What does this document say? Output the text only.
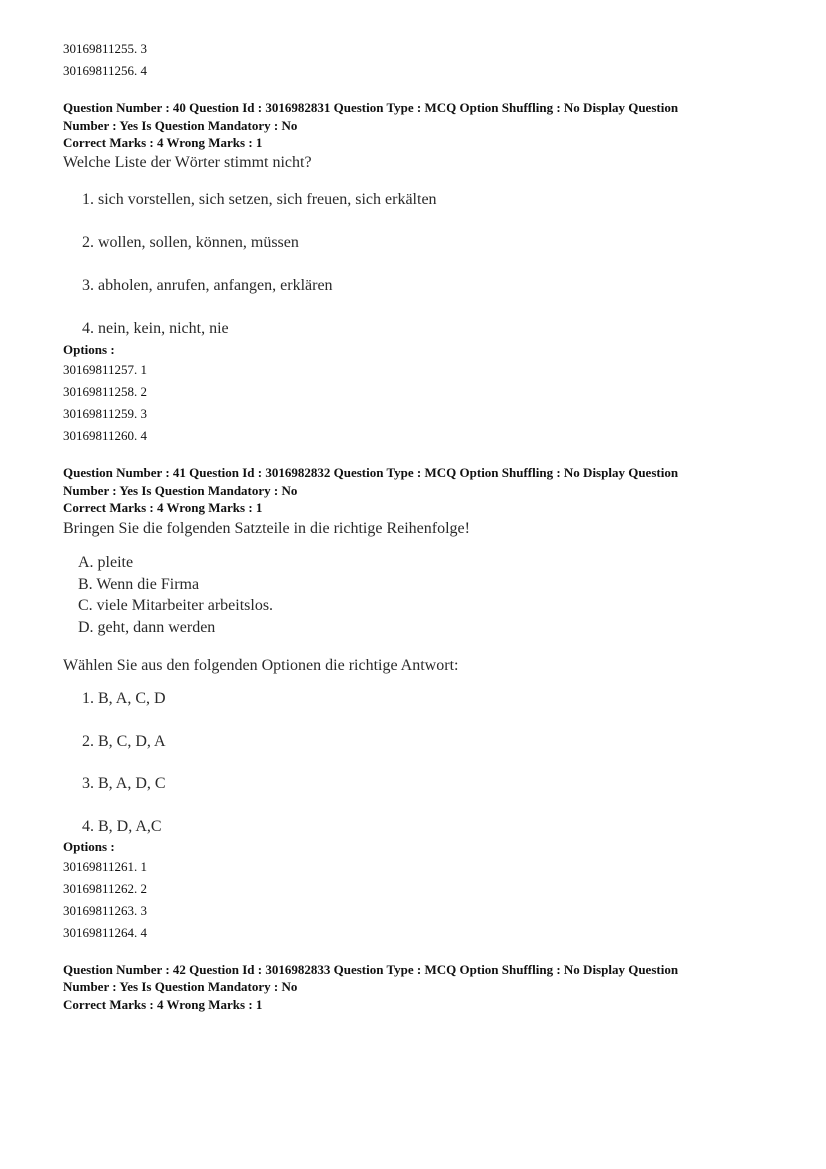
30169811255. 3
30169811256. 4
Question Number : 40 Question Id : 3016982831 Question Type : MCQ Option Shuffling : No Display Question
Number : Yes Is Question Mandatory : No
Correct Marks : 4 Wrong Marks : 1
Welche Liste der Wörter stimmt nicht?
1. sich vorstellen, sich setzen, sich freuen, sich erkälten
2. wollen, sollen, können, müssen
3. abholen, anrufen, anfangen, erklären
4. nein, kein, nicht, nie
Options :
30169811257. 1
30169811258. 2
30169811259. 3
30169811260. 4
Question Number : 41 Question Id : 3016982832 Question Type : MCQ Option Shuffling : No Display Question
Number : Yes Is Question Mandatory : No
Correct Marks : 4 Wrong Marks : 1
Bringen Sie die folgenden Satzteile in die richtige Reihenfolge!
A. pleite
B. Wenn die Firma
C. viele Mitarbeiter arbeitslos.
D. geht, dann werden
Wählen Sie aus den folgenden Optionen die richtige Antwort:
1. B, A, C, D
2. B, C, D, A
3. B, A, D, C
4. B, D, A,C
Options :
30169811261. 1
30169811262. 2
30169811263. 3
30169811264. 4
Question Number : 42 Question Id : 3016982833 Question Type : MCQ Option Shuffling : No Display Question
Number : Yes Is Question Mandatory : No
Correct Marks : 4 Wrong Marks : 1
